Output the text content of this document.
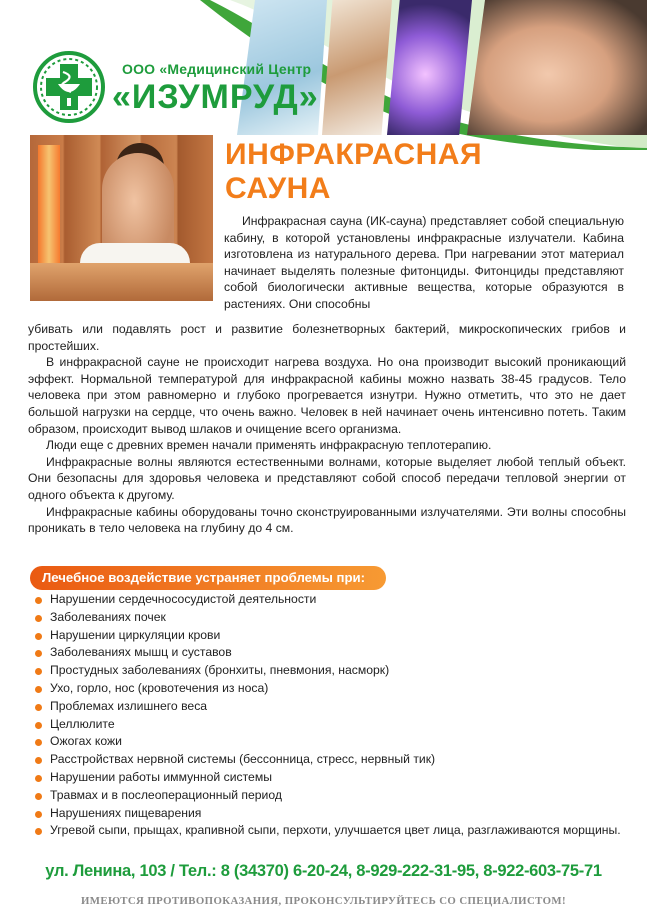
ООО «Медицинский Центр
«ИЗУМРУД»
ИНФРАКРАСНАЯ
САУНА

Инфракрасная сауна (ИК-сауна) представляет собой специальную кабину, в которой установлены инфракрасные излучатели. Кабина изготовлена из натурального дерева. При нагревании этот материал начинает выделять полезные фитонциды. Фитонциды представляют собой биологически активные вещества, которые образуются в растениях. Они способны

убивать или подавлять рост и развитие болезнетворных бактерий, микроскопических грибов и простейших.

В инфракрасной сауне не происходит нагрева воздуха. Но она производит высокий проникающий эффект. Нормальной температурой для инфракрасной кабины можно назвать 38-45 градусов. Тело человека при этом равномерно и глубоко прогревается изнутри. Нужно отметить, что это не дает большой нагрузки на сердце, что очень важно. Человек в ней начинает очень интенсивно потеть. Таким образом, происходит вывод шлаков и очищение всего организма.

Люди еще с древних времен начали применять инфракрасную теплотерапию.

Инфракрасные волны являются естественными волнами, которые выделяет любой теплый объект. Они безопасны для здоровья человека и представляют собой способ передачи тепловой энергии от одного объекта к другому.

Инфракрасные кабины оборудованы точно сконструированными излучателями. Эти волны способны проникать в тело человека на глубину до 4 см.

Лечебное воздействие устраняет проблемы при:
Нарушении сердечнососудистой деятельности
Заболеваниях почек
Нарушении циркуляции крови
Заболеваниях мышц и суставов
Простудных заболеваниях (бронхиты, пневмония, насморк)
Ухо, горло, нос (кровотечения из носа)
Проблемах излишнего веса
Целлюлите
Ожогах кожи
Расстройствах нервной системы (бессонница, стресс, нервный тик)
Нарушении работы иммунной системы
Травмах и в послеоперационный период
Нарушениях пищеварения
Угревой сыпи, прыщах, крапивной сыпи, перхоти, улучшается цвет лица, разглаживаются морщины.
ул. Ленина, 103 / Тел.: 8 (34370) 6-20-24, 8-929-222-31-95, 8-922-603-75-71
ИМЕЮТСЯ ПРОТИВОПОКАЗАНИЯ, ПРОКОНСУЛЬТИРУЙТЕСЬ СО СПЕЦИАЛИСТОМ!
